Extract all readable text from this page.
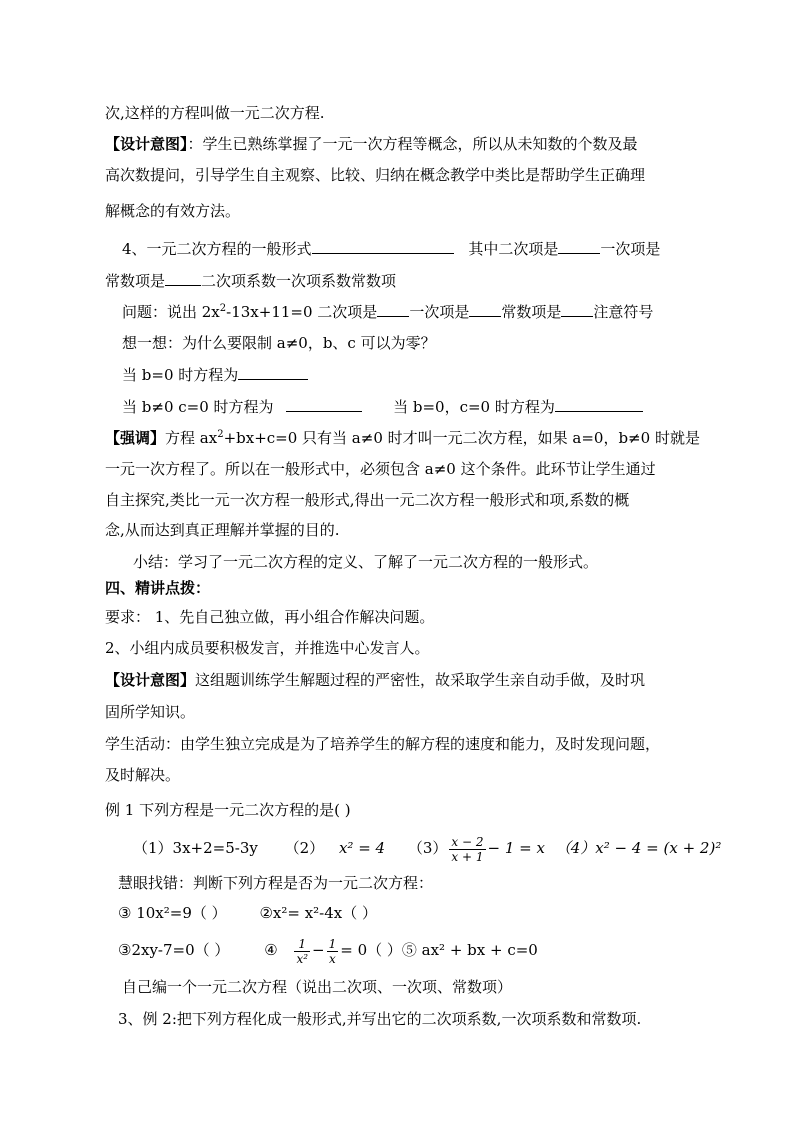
次,这样的方程叫做一元二次方程.
【设计意图】：学生已熟练掌握了一元一次方程等概念，所以从未知数的个数及最
高次数提问，引导学生自主观察、比较、归纳在概念教学中类比是帮助学生正确理
解概念的有效方法。
4、一元二次方程的一般形式	其中二次项是	一次项是
常数项是 二次项系数一次项系数常数项
问题：说出 $2x^2-13x+11=0$ 二次项是 一次项是 常数项是 注意符号
想一想：为什么要限制 a≠0，b、c 可以为零？
当 b=0 时方程为
当 b≠0 c=0 时方程为	当 b=0，c=0 时方程为
【强调】方程 $ax^2+bx+c=0$ 只有当 a≠0 时才叫一元二次方程，如果 a=0，b≠0 时就是
一元一次方程了。所以在一般形式中，必须包含 a≠0 这个条件。此环节让学生通过
自主探究,类比一元一次方程一般形式,得出一元二次方程一般形式和项,系数的概
念,从而达到真正理解并掌握的目的.
小结：学习了一元二次方程的定义、了解了一元二次方程的一般形式。
四、精讲点拨：
要求： 1、先自己独立做，再小组合作解决问题。
2、小组内成员要积极发言，并推选中心发言人。
【设计意图】这组题训练学生解题过程的严密性，故采取学生亲自动手做，及时巩
固所学知识。
学生活动：由学生独立完成是为了培养学生的解方程的速度和能力，及时发现问题，
及时解决。
例 1 下列方程是一元二次方程的是( )
（1）3x+2=5-3y （2） x² = 4 $(3) \frac{x - 2}{x + 1} - 1 = x$ （4）x² − 4 = (x + 2)²
慧眼找错：判断下列方程是否为一元二次方程：
③ 10x²=9（ ） ②x²= x²-4x（ ）
③2xy-7=0（ ） ④ $\frac{1}{\text{x²}} - \frac{1}{x} = 0$（ ）⑤ ax² + bx + c=0
自己编一个一元二次方程（说出二次项、一次项、常数项）
3、例 2:把下列方程化成一般形式,并写出它的二次项系数,一次项系数和常数项.
